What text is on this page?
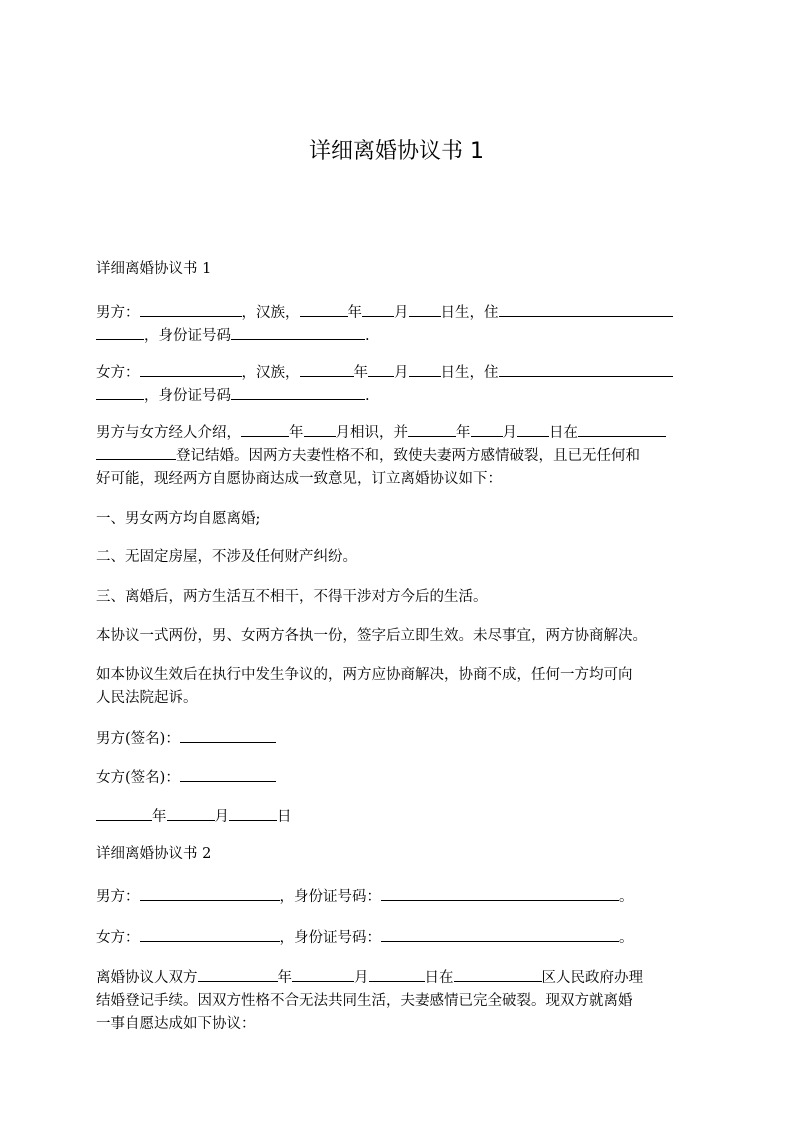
详细离婚协议书 1
详细离婚协议书 1
男方：	，汉族，	年 月 日生，住
，身份证号码	.
女方：	，汉族，	年 月 日生，住
，身份证号码	.
男方与女方经人介绍，	年 月相识，并	年 月 日在
登记结婚。因两方夫妻性格不和，致使夫妻两方感情破裂，且已无任何和
好可能，现经两方自愿协商达成一致意见，订立离婚协议如下：
一、男女两方均自愿离婚;
二、无固定房屋，不涉及任何财产纠纷。
三、离婚后，两方生活互不相干，不得干涉对方今后的生活。
本协议一式两份，男、女两方各执一份，签字后立即生效。未尽事宜，两方协商解决。
如本协议生效后在执行中发生争议的，两方应协商解决，协商不成，任何一方均可向
人民法院起诉。
男方(签名)：
女方(签名)：
年	月	日
详细离婚协议书 2
男方：	，身份证号码：	。
女方：	，身份证号码：	。
离婚协议人双方	年	月	日在	区人民政府办理
结婚登记手续。因双方性格不合无法共同生活，夫妻感情已完全破裂。现双方就离婚
一事自愿达成如下协议：
